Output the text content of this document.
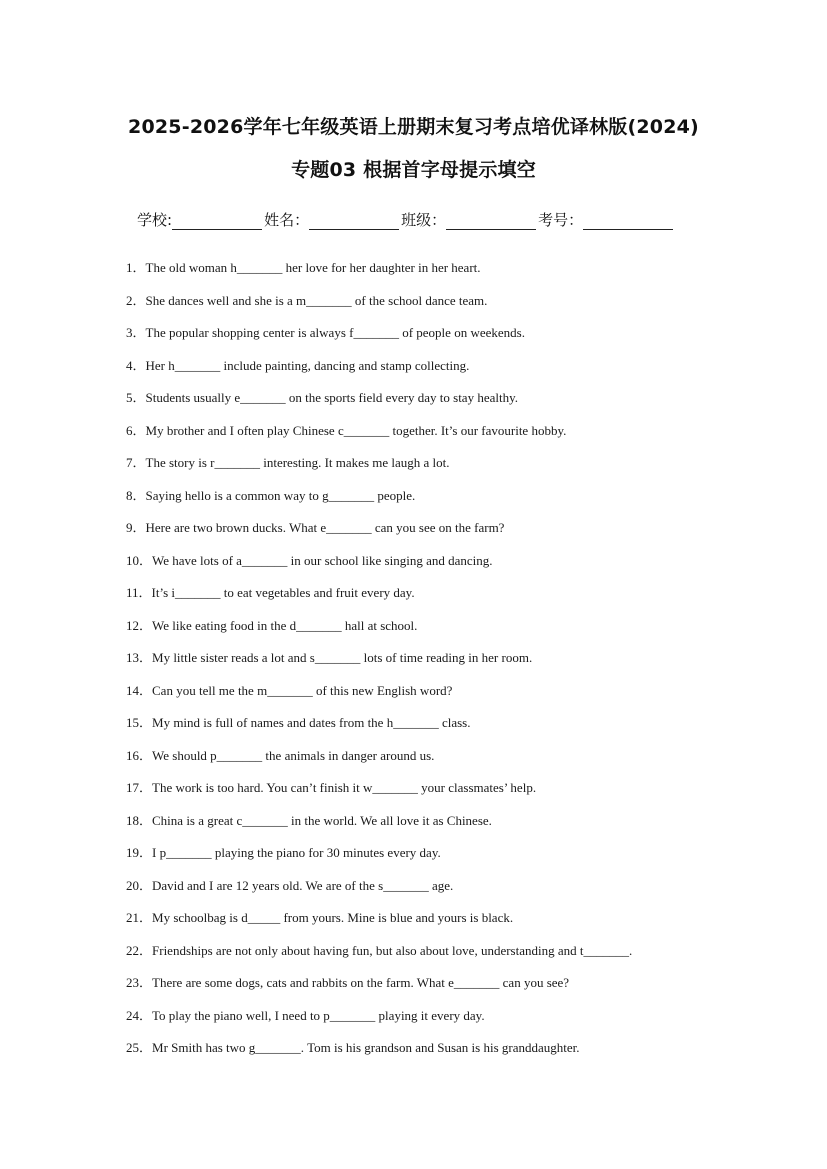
2025-2026学年七年级英语上册期末复习考点培优译林版(2024)
专题03 根据首字母提示填空
学校:	姓名：	班级：	考号：
1．The old woman h_______ her love for her daughter in her heart.
2．She dances well and she is a m_______ of the school dance team.
3．The popular shopping center is always f_______ of people on weekends.
4．Her h_______ include painting, dancing and stamp collecting.
5．Students usually e_______ on the sports field every day to stay healthy.
6．My brother and I often play Chinese c_______ together. It’s our favourite hobby.
7．The story is r_______ interesting. It makes me laugh a lot.
8．Saying hello is a common way to g_______ people.
9．Here are two brown ducks. What e_______ can you see on the farm?
10．We have lots of a_______ in our school like singing and dancing.
11．It’s i_______ to eat vegetables and fruit every day.
12．We like eating food in the d_______ hall at school.
13．My little sister reads a lot and s_______ lots of time reading in her room.
14．Can you tell me the m_______ of this new English word?
15．My mind is full of names and dates from the h_______ class.
16．We should p_______ the animals in danger around us.
17．The work is too hard. You can’t finish it w_______ your classmates’ help.
18．China is a great c_______ in the world. We all love it as Chinese.
19．I p_______ playing the piano for 30 minutes every day.
20．David and I are 12 years old. We are of the s_______ age.
21．My schoolbag is d_____ from yours. Mine is blue and yours is black.
22．Friendships are not only about having fun, but also about love, understanding and t_______.
23．There are some dogs, cats and rabbits on the farm. What e_______ can you see?
24．To play the piano well, I need to p_______ playing it every day.
25．Mr Smith has two g_______. Tom is his grandson and Susan is his granddaughter.
